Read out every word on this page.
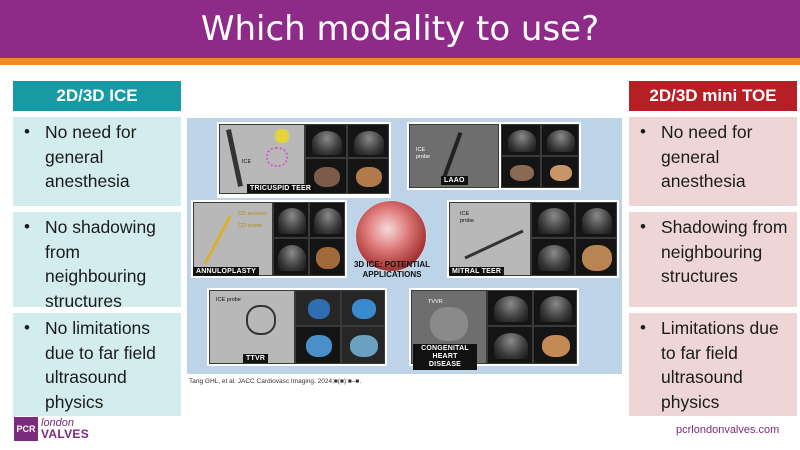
Which modality to use?
2D/3D ICE
• No need for general anesthesia
• No shadowing from neighbouring structures
• No limitations due to far field ultrasound physics
2D/3D mini TOE
• No need for general anesthesia
• Shadowing from neighbouring structures
• Limitations due to far field ultrasound physics
ICE
TRICUSPID TEER
ICE
probe
LAAO
CD anchors
CD screw
ANNULOPLASTY
3D ICE: POTENTIAL APPLICATIONS
ICE
probe
MITRAL TEER
ICE probe
TTVR
TVVR
CONGENITAL HEART DISEASE
Tang GHL, et al. JACC Cardiovasc Imaging. 2024;■(■):■–■.
PCR london
VALVES	pcrlondonvalves.com
